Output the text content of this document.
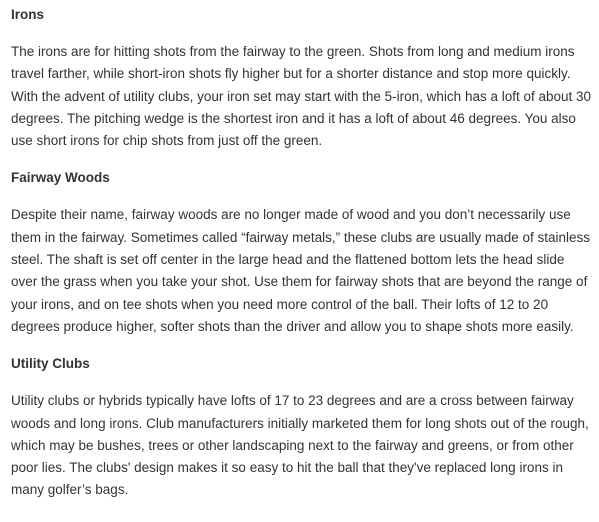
Irons

The irons are for hitting shots from the fairway to the green. Shots from long and medium irons travel farther, while short-iron shots fly higher but for a shorter distance and stop more quickly. With the advent of utility clubs, your iron set may start with the 5-iron, which has a loft of about 30 degrees. The pitching wedge is the shortest iron and it has a loft of about 46 degrees. You also use short irons for chip shots from just off the green.

Fairway Woods

Despite their name, fairway woods are no longer made of wood and you don’t necessarily use them in the fairway. Sometimes called “fairway metals,” these clubs are usually made of stainless steel. The shaft is set off center in the large head and the flattened bottom lets the head slide over the grass when you take your shot. Use them for fairway shots that are beyond the range of your irons, and on tee shots when you need more control of the ball. Their lofts of 12 to 20 degrees produce higher, softer shots than the driver and allow you to shape shots more easily.

Utility Clubs

Utility clubs or hybrids typically have lofts of 17 to 23 degrees and are a cross between fairway woods and long irons. Club manufacturers initially marketed them for long shots out of the rough, which may be bushes, trees or other landscaping next to the fairway and greens, or from other poor lies. The clubs' design makes it so easy to hit the ball that they've replaced long irons in many golfer’s bags.
